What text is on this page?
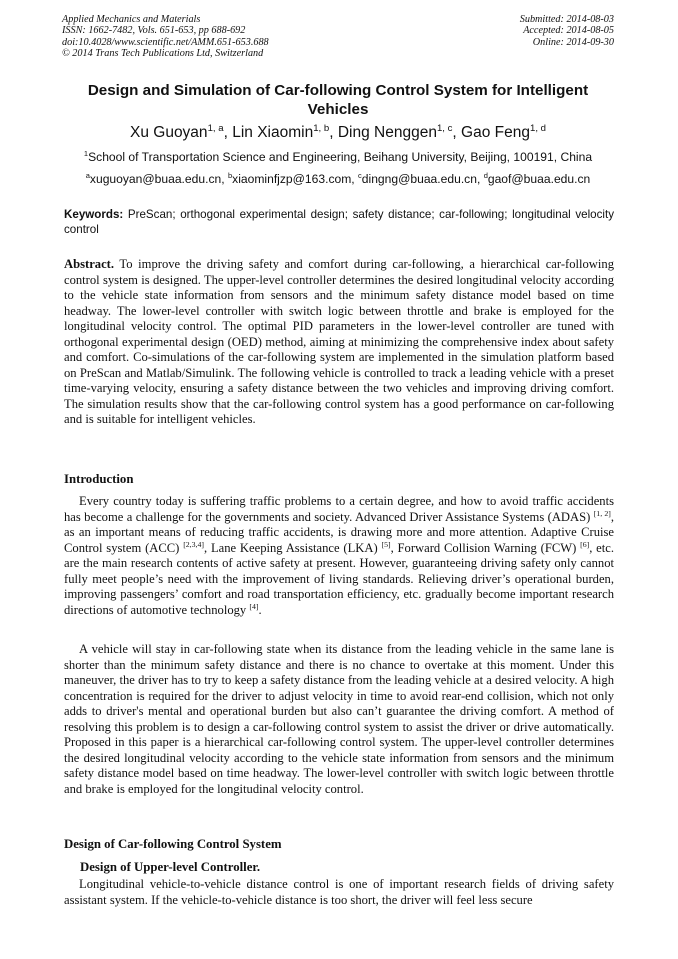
Applied Mechanics and Materials
ISSN: 1662-7482, Vols. 651-653, pp 688-692
doi:10.4028/www.scientific.net/AMM.651-653.688
© 2014 Trans Tech Publications Ltd, Switzerland
Submitted: 2014-08-03
Accepted: 2014-08-05
Online: 2014-09-30
Design and Simulation of Car-following Control System for Intelligent Vehicles
Xu Guoyan$^{1, a}$, Lin Xiaomin$^{1, b}$, Ding Nenggen$^{1, c}$, Gao Feng$^{1, d}$
$^1$School of Transportation Science and Engineering, Beihang University, Beijing, 100191, China
$^a$xuguoyan@buaa.edu.cn, $^b$xiaominfjzp@163.com, $^c$dingng@buaa.edu.cn, $^d$gaof@buaa.edu.cn
Keywords: PreScan; orthogonal experimental design; safety distance; car-following; longitudinal velocity control
Abstract. To improve the driving safety and comfort during car-following, a hierarchical car-following control system is designed. The upper-level controller determines the desired longitudinal velocity according to the vehicle state information from sensors and the minimum safety distance model based on time headway. The lower-level controller with switch logic between throttle and brake is employed for the longitudinal velocity control. The optimal PID parameters in the lower-level controller are tuned with orthogonal experimental design (OED) method, aiming at minimizing the comprehensive index about safety and comfort. Co-simulations of the car-following system are implemented in the simulation platform based on PreScan and Matlab/Simulink. The following vehicle is controlled to track a leading vehicle with a preset time-varying velocity, ensuring a safety distance between the two vehicles and improving driving comfort. The simulation results show that the car-following control system has a good performance on car-following and is suitable for intelligent vehicles.
Introduction
Every country today is suffering traffic problems to a certain degree, and how to avoid traffic accidents has become a challenge for the governments and society. Advanced Driver Assistance Systems (ADAS) [1, 2], as an important means of reducing traffic accidents, is drawing more and more attention. Adaptive Cruise Control system (ACC) [2,3,4], Lane Keeping Assistance (LKA) [5], Forward Collision Warning (FCW) [6], etc. are the main research contents of active safety at present. However, guaranteeing driving safety only cannot fully meet people’s need with the improvement of living standards. Relieving driver’s operational burden, improving passengers’ comfort and road transportation efficiency, etc. gradually become important research directions of automotive technology [4].
A vehicle will stay in car-following state when its distance from the leading vehicle in the same lane is shorter than the minimum safety distance and there is no chance to overtake at this moment. Under this maneuver, the driver has to try to keep a safety distance from the leading vehicle at a desired velocity. A high concentration is required for the driver to adjust velocity in time to avoid rear-end collision, which not only adds to driver's mental and operational burden but also can’t guarantee the driving comfort. A method of resolving this problem is to design a car-following control system to assist the driver or drive automatically. Proposed in this paper is a hierarchical car-following control system. The upper-level controller determines the desired longitudinal velocity according to the vehicle state information from sensors and the minimum safety distance model based on time headway. The lower-level controller with switch logic between throttle and brake is employed for the longitudinal velocity control.
Design of Car-following Control System
Design of Upper-level Controller.
Longitudinal vehicle-to-vehicle distance control is one of important research fields of driving safety assistant system. If the vehicle-to-vehicle distance is too short, the driver will feel less secure
